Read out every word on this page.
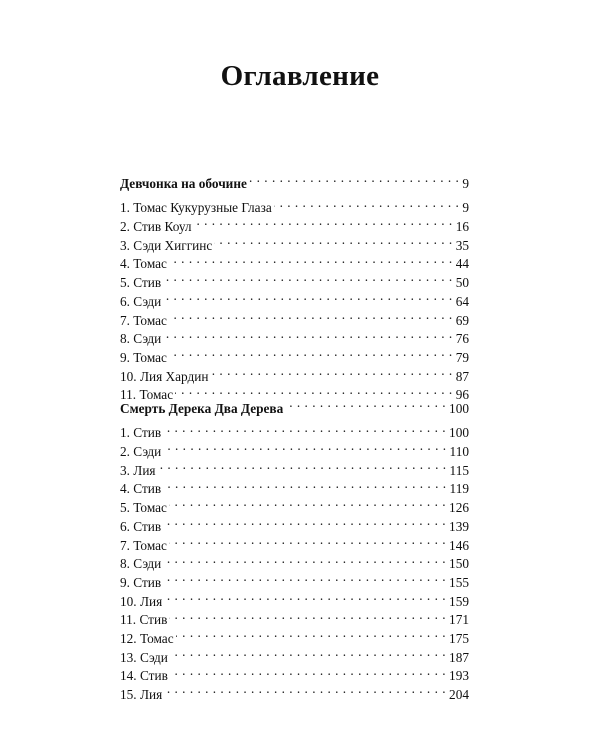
Оглавление
Девчонка на обочине . . .	9
1. Томас Кукурузные Глаза . . .	9
2. Стив Коул . . .	16
3. Сэди Хиггинс . . .	35
4. Томас . . .	44
5. Стив . . .	50
6. Сэди . . .	64
7. Томас . . .	69
8. Сэди . . .	76
9. Томас . . .	79
10. Лия Хардин . . .	87
11. Томас . . .	96
Смерть Дерека Два Дерева . . .	100
1. Стив . . .	100
2. Сэди . . .	110
3. Лия . . .	115
4. Стив . . .	119
5. Томас . . .	126
6. Стив . . .	139
7. Томас . . .	146
8. Сэди . . .	150
9. Стив . . .	155
10. Лия . . .	159
11. Стив . . .	171
12. Томас . . .	175
13. Сэди . . .	187
14. Стив . . .	193
15. Лия . . .	204
